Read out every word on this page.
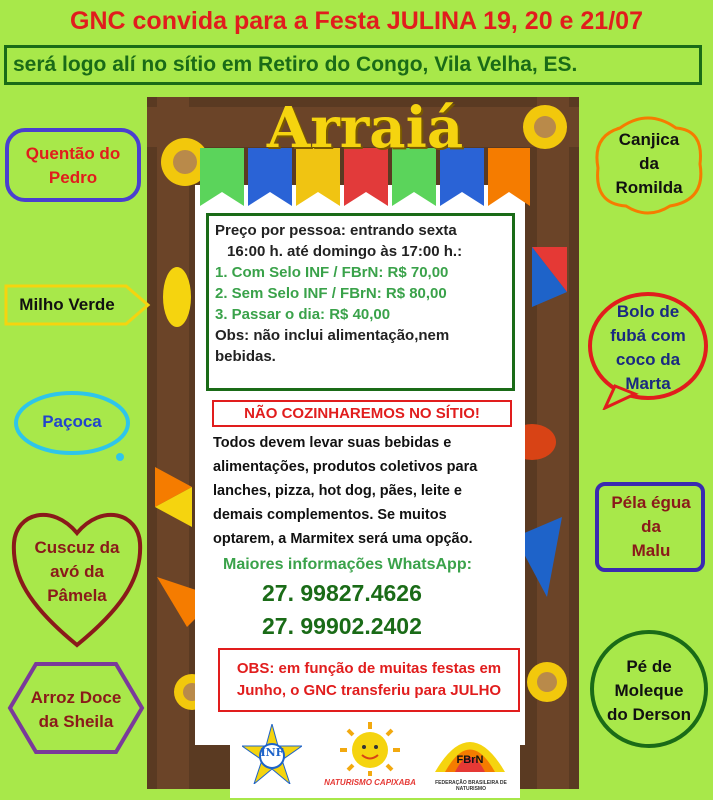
GNC convida para a Festa JULINA 19, 20 e 21/07
será logo alí no sítio em Retiro do Congo, Vila Velha, ES.
Arraiá
Preço por pessoa: entrando sexta
16:00 h. até domingo às 17:00 h.:
1. Com Selo INF / FBrN: R$ 70,00
2. Sem Selo INF / FBrN: R$ 80,00
3. Passar o dia: R$ 40,00
Obs: não inclui alimentação,nem
bebidas.
NÃO COZINHAREMOS NO SÍTIO!
Todos devem levar suas bebidas e
alimentações, produtos coletivos para
lanches, pizza, hot dog, pães, leite e
demais complementos. Se muitos
optarem, a Marmitex será uma opção.
Maiores informações WhatsApp:
27. 99827.4626
27. 99902.2402
OBS: em função de muitas festas em
Junho, o GNC transferiu para JULHO
INF
NATURISMO CAPIXABA
FBrN
FEDERAÇÃO BRASILEIRA DE NATURISMO
Quentão do
Pedro
Milho Verde
Paçoca
Cuscuz da
avó da
Pâmela
Arroz Doce
da Sheila
Canjica
da
Romilda
Bolo de
fubá com
coco da
Marta
Péla égua
da
Malu
Pé de
Moleque
do Derson
